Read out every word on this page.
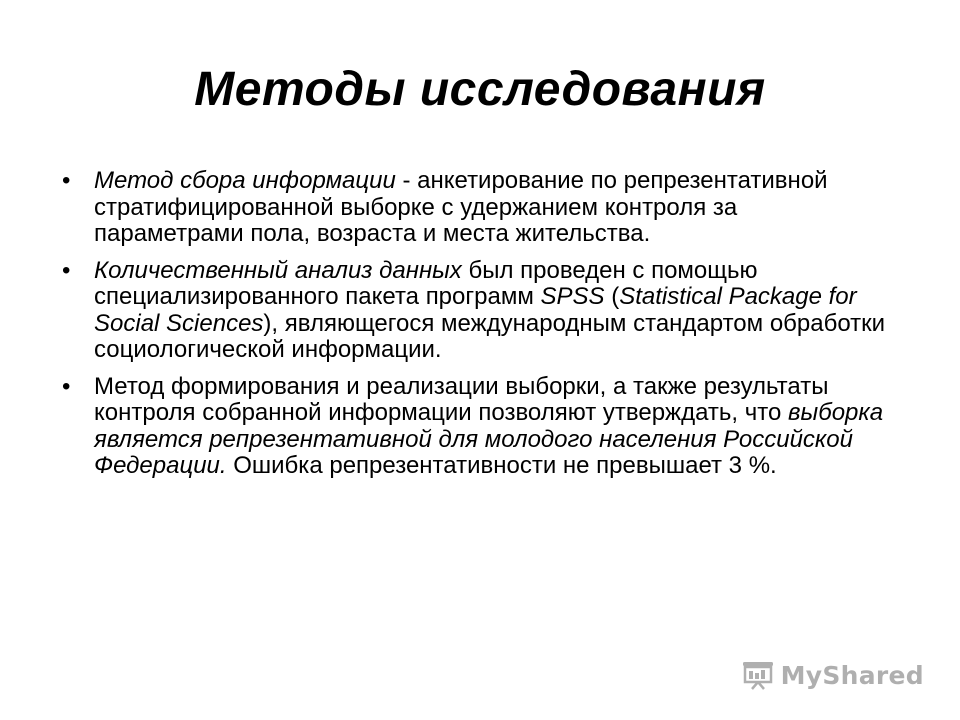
Методы исследования
• Метод сбора информации - анкетирование по репрезентативной стратифицированной выборке с удержанием контроля за параметрами пола, возраста и места жительства.
• Количественный анализ данных был проведен с помощью специализированного пакета программ SPSS (Statistical Package for Social Sciences), являющегося международным стандартом обработки социологической информации.
• Метод формирования и реализации выборки, а также результаты контроля собранной информации позволяют утверждать, что выборка является репрезентативной для молодого населения Российской Федерации. Ошибка репрезентативности не превышает 3 %.
MyShared
